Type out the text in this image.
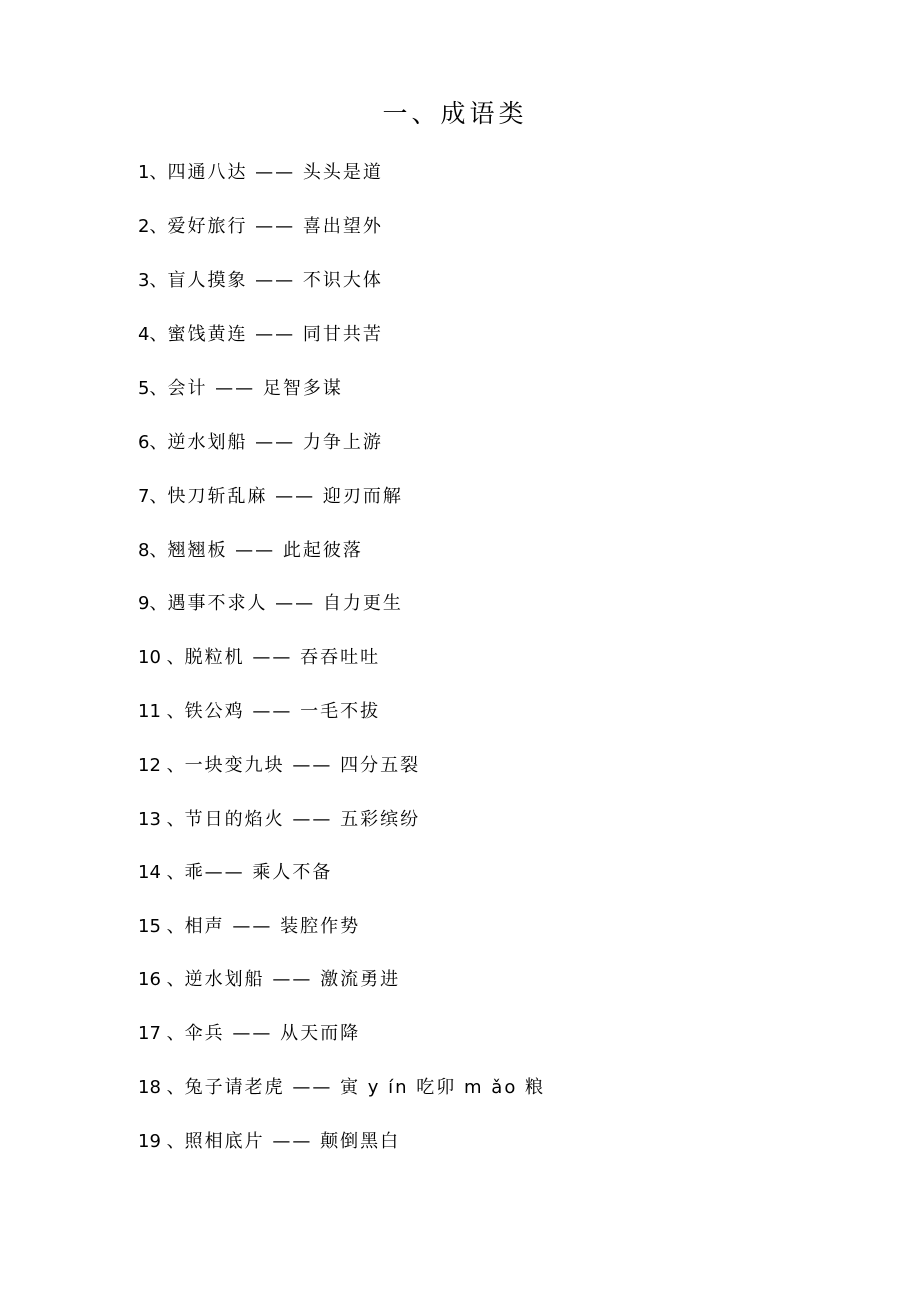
一、成语类
1、四通八达 —— 头头是道
2、爱好旅行 —— 喜出望外
3、盲人摸象 —— 不识大体
4、蜜饯黄连 —— 同甘共苦
5、会计 —— 足智多谋
6、逆水划船 —— 力争上游
7、快刀斩乱麻 —— 迎刃而解
8、翘翘板 —— 此起彼落
9、遇事不求人 —— 自力更生
10 、脱粒机 —— 吞吞吐吐
11 、铁公鸡 —— 一毛不拔
12 、一块变九块 —— 四分五裂
13 、节日的焰火 —— 五彩缤纷
14 、乖—— 乘人不备
15 、相声 —— 装腔作势
16 、逆水划船 —— 激流勇进
17 、伞兵 —— 从天而降
18 、兔子请老虎 —— 寅 y ín 吃卯 m ǎo 粮
19 、照相底片 —— 颠倒黑白
